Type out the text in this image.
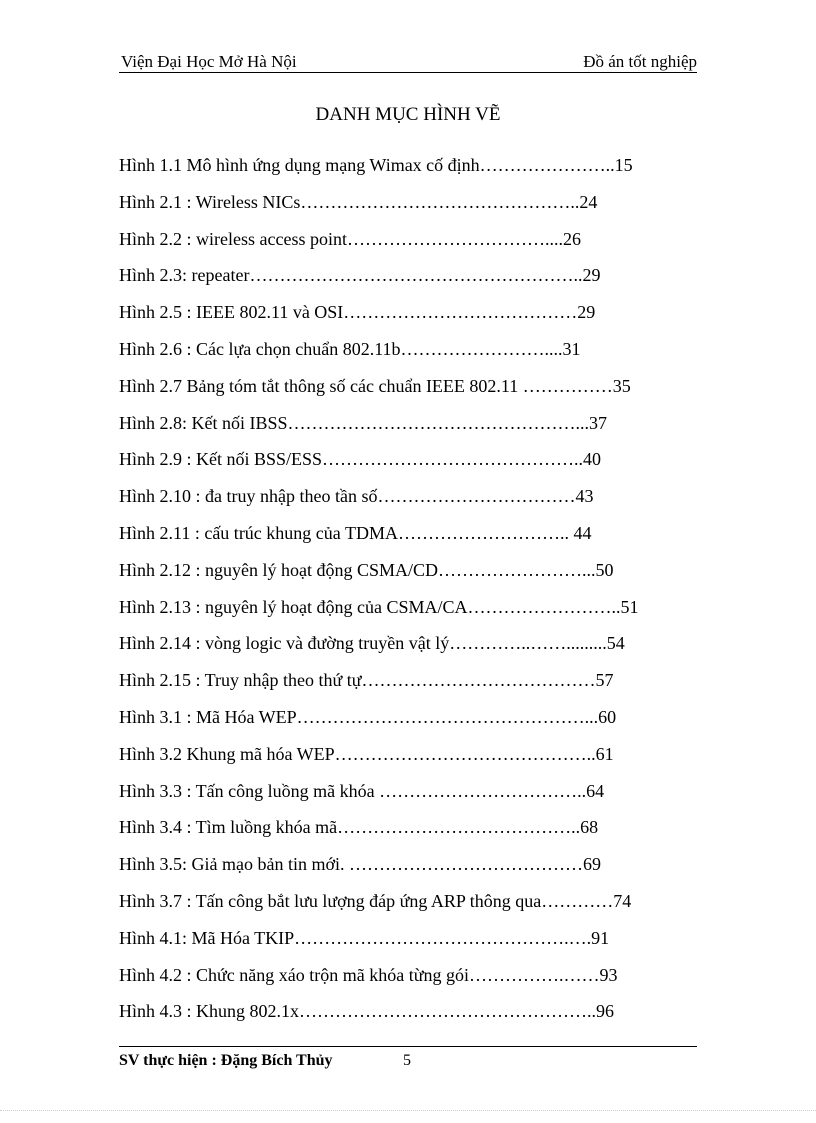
Viện Đại Học Mở Hà Nội	Đồ án tốt nghiệp
DANH MỤC HÌNH VẼ
Hình 1.1 Mô hình ứng dụng mạng Wimax cố định…………………..15
Hình 2.1 : Wireless NICs………………………………………..24
Hình 2.2 : wireless access point……………………………....26
Hình 2.3: repeater………………………………………………..29
Hình 2.5 : IEEE 802.11 và OSI…………………………………29
Hình 2.6 : Các lựa chọn chuẩn 802.11b……………………....31
Hình 2.7 Bảng tóm tắt thông số các chuẩn IEEE 802.11 ……………35
Hình 2.8: Kết nối IBSS…………………………………………...37
Hình 2.9 : Kết nối BSS/ESS……………………………………..40
Hình 2.10 : đa truy nhập theo tần số……………………………43
Hình 2.11 : cấu trúc khung của TDMA……………………….. 44
Hình 2.12 : nguyên lý hoạt động CSMA/CD……………………...50
Hình 2.13 : nguyên lý hoạt động của CSMA/CA……………………..51
Hình 2.14 : vòng logic và đường truyền vật lý…………..…….........54
Hình 2.15 : Truy nhập theo thứ tự…………………………………57
Hình 3.1 : Mã Hóa WEP…………………………………………...60
Hình 3.2 Khung mã hóa WEP……………………………………..61
Hình 3.3 : Tấn công luồng mã khóa ……………………………..64
Hình 3.4 : Tìm luồng khóa mã…………………………………..68
Hình 3.5: Giả mạo bản tin mới. …………………………………69
Hình 3.7 : Tấn công bắt lưu lượng đáp ứng ARP thông qua…………74
Hình 4.1: Mã Hóa TKIP……………………………………….….91
Hình 4.2 : Chức năng xáo trộn mã khóa từng gói…………….……93
Hình 4.3 : Khung 802.1x…………………………………………..96
SV thực hiện : Đặng Bích Thủy	5
